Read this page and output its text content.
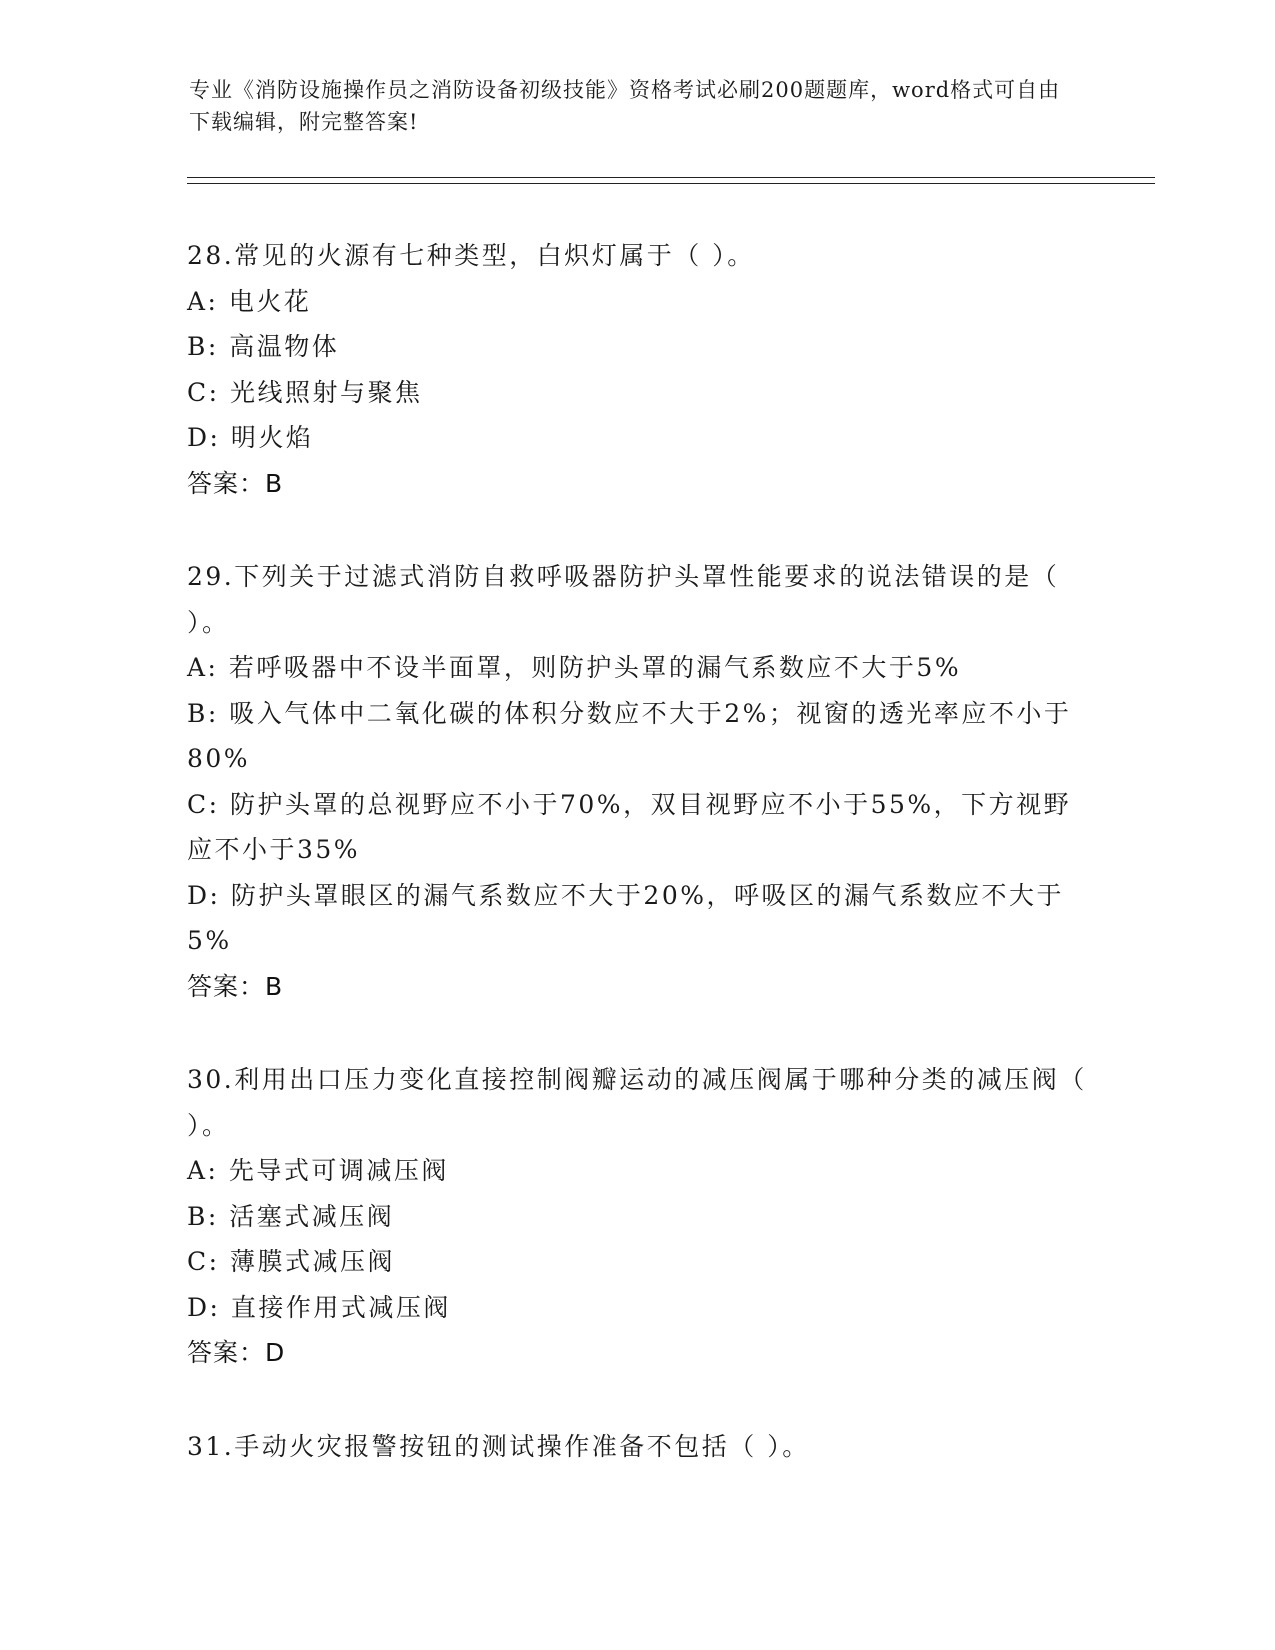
专业《消防设施操作员之消防设备初级技能》资格考试必刷200题题库，word格式可自由下载编辑，附完整答案!
28.常见的火源有七种类型，白炽灯属于（ ）。
A: 电火花
B: 高温物体
C: 光线照射与聚焦
D: 明火焰
答案：B
29.下列关于过滤式消防自救呼吸器防护头罩性能要求的说法错误的是（ ）。
A: 若呼吸器中不设半面罩，则防护头罩的漏气系数应不大于5%
B: 吸入气体中二氧化碳的体积分数应不大于2%；视窗的透光率应不小于80%
C: 防护头罩的总视野应不小于70%，双目视野应不小于55%，下方视野应不小于35%
D: 防护头罩眼区的漏气系数应不大于20%，呼吸区的漏气系数应不大于5%
答案：B
30.利用出口压力变化直接控制阀瓣运动的减压阀属于哪种分类的减压阀（ ）。
A: 先导式可调减压阀
B: 活塞式减压阀
C: 薄膜式减压阀
D: 直接作用式减压阀
答案：D
31.手动火灾报警按钮的测试操作准备不包括（ ）。
